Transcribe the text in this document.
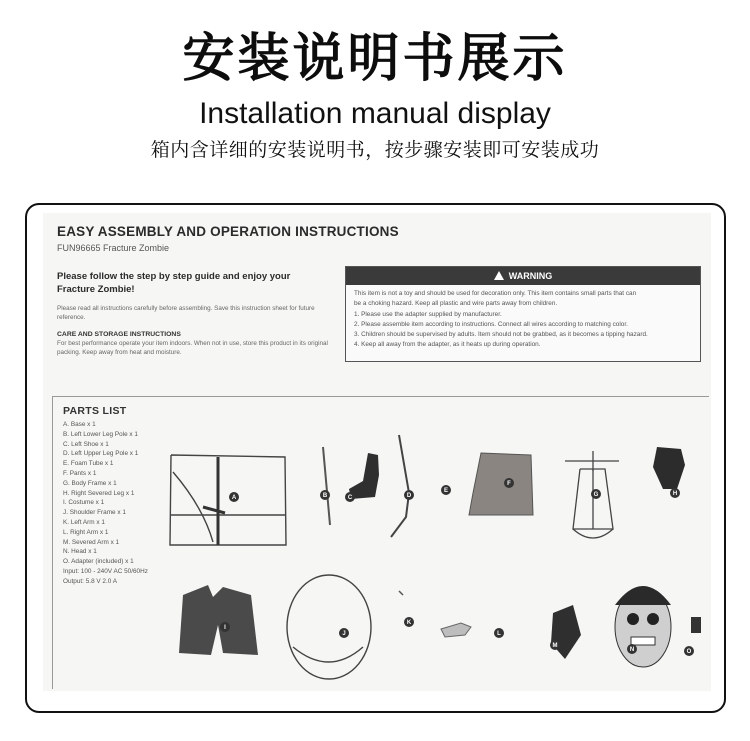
安装说明书展示
Installation manual display
箱内含详细的安装说明书，按步骤安装即可安装成功
EASY ASSEMBLY AND OPERATION INSTRUCTIONS
FUN96665 Fracture Zombie
Please follow the step by step guide and enjoy your
Fracture Zombie!
Please read all instructions carefully before assembling. Save this instruction sheet for future reference.
CARE AND STORAGE INSTRUCTIONS
For best performance operate your item indoors. When not in use, store this product in its original packing. Keep away from heat and moisture.
WARNING
This item is not a toy and should be used for decoration only. This item contains small parts that can
be a choking hazard. Keep all plastic and wire parts away from children.
1. Please use the adapter supplied by manufacturer.
2. Please assemble item according to instructions. Connect all wires according to matching color.
3. Children should be supervised by adults. Item should not be grabbed, as it becomes a tipping hazard.
4. Keep all away from the adapter, as it heats up during operation.
PARTS LIST
A. Base x 1
B. Left Lower Leg Pole x 1
C. Left Shoe x 1
D. Left Upper Leg Pole x 1
E. Foam Tube x 1
F. Pants x 1
G. Body Frame x 1
H. Right Severed Leg x 1
I. Costume x 1
J. Shoulder Frame x 1
K. Left Arm x 1
L. Right Arm x 1
M. Severed Arm x 1
N. Head x 1
O. Adapter (included) x 1
Input: 100 - 240V AC 50/60Hz
Output: 5.8 V 2.0 A
A	B	C	D
E
F
G	H
I
J
K
L
M
N	O
